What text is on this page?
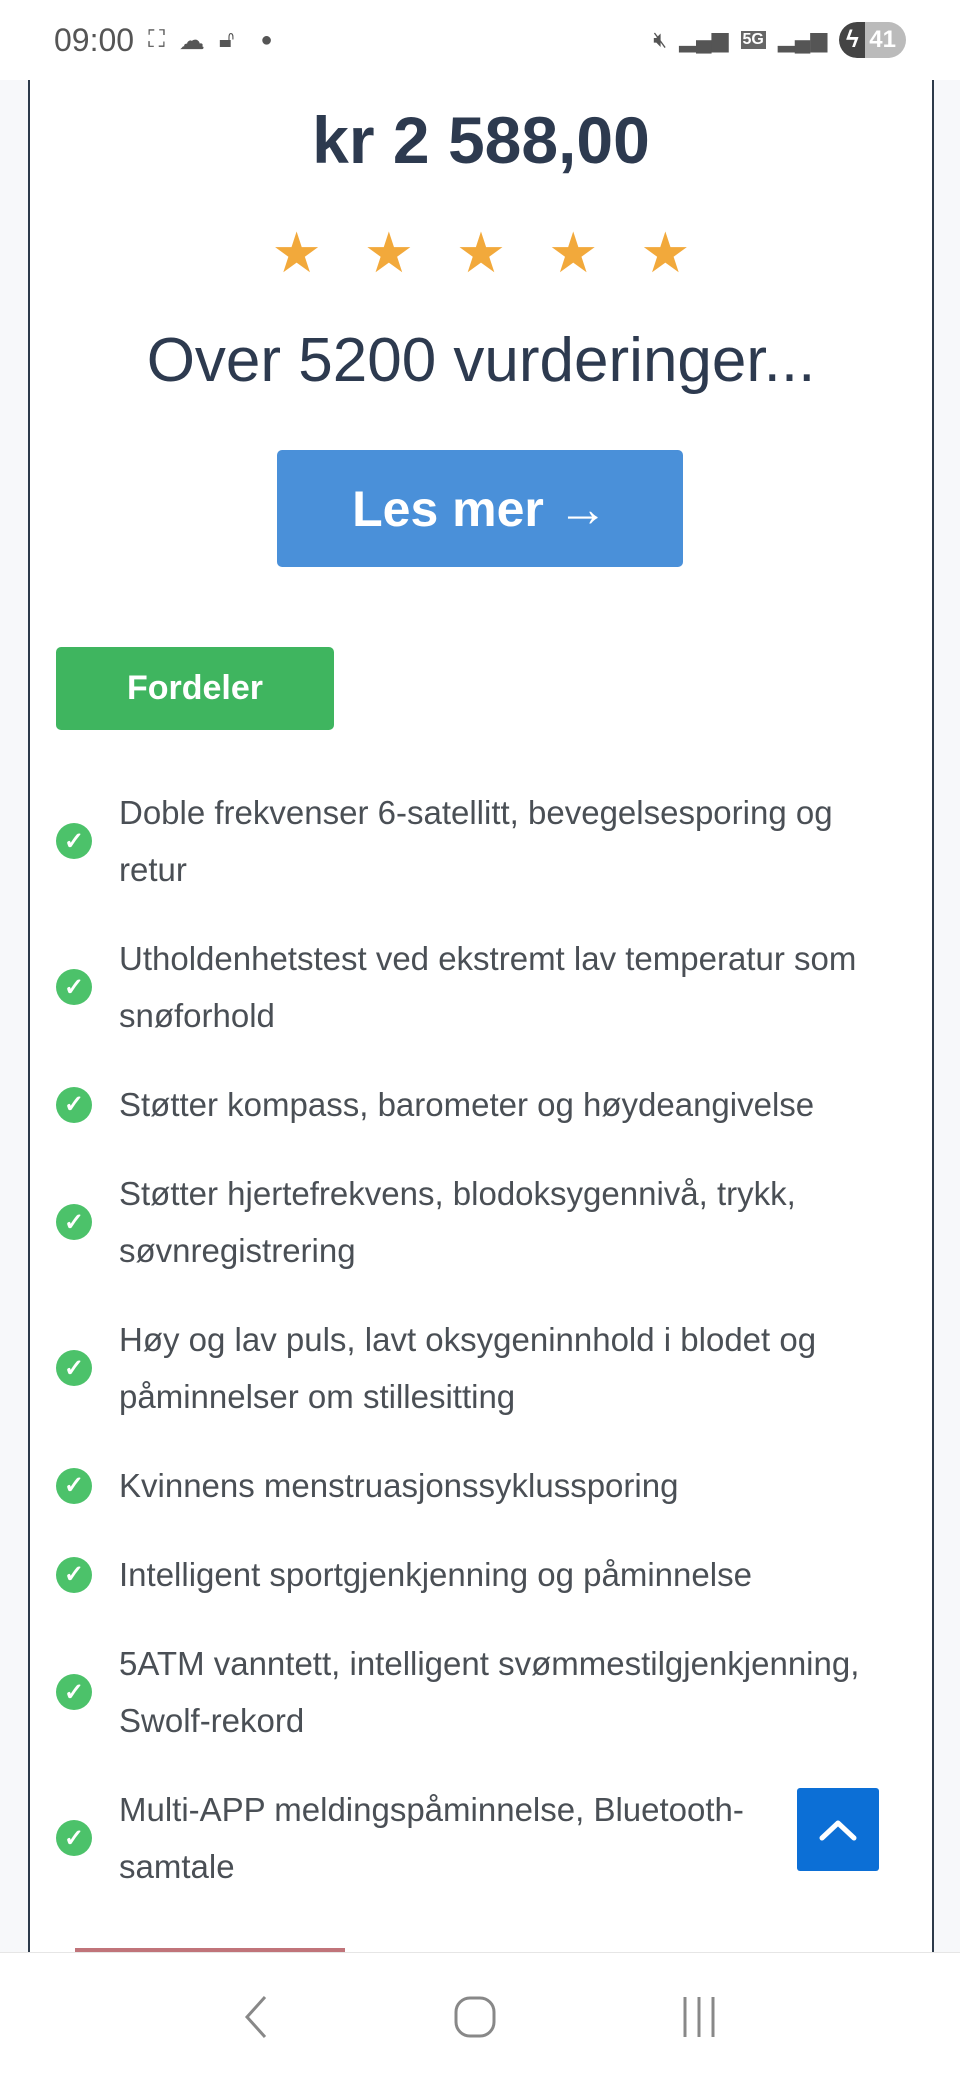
09:00 ⛶ ☁ 🔓︎ ●	🔇︎ ▂▄▆ 5G ▂▄▆ ϟ 41
kr 2 588,00
★ ★ ★ ★ ★
Over 5200 vurderinger...
Les mer →
Fordeler
✓
Doble frekvenser 6-satellitt, bevegelsesporing og retur
✓
Utholdenhetstest ved ekstremt lav temperatur som snøforhold
✓ Støtter kompass, barometer og høydeangivelse
✓
Støtter hjertefrekvens, blodoksygennivå, trykk, søvnregistrering
✓
Høy og lav puls, lavt oksygeninnhold i blodet og påminnelser om stillesitting
✓ Kvinnens menstruasjonssyklussporing
✓ Intelligent sportgjenkjenning og påminnelse
✓
5ATM vanntett, intelligent svømmestilgjenkjenning, Swolf-rekord
✓
Multi-APP meldingspåminnelse, Bluetooth-samtale
